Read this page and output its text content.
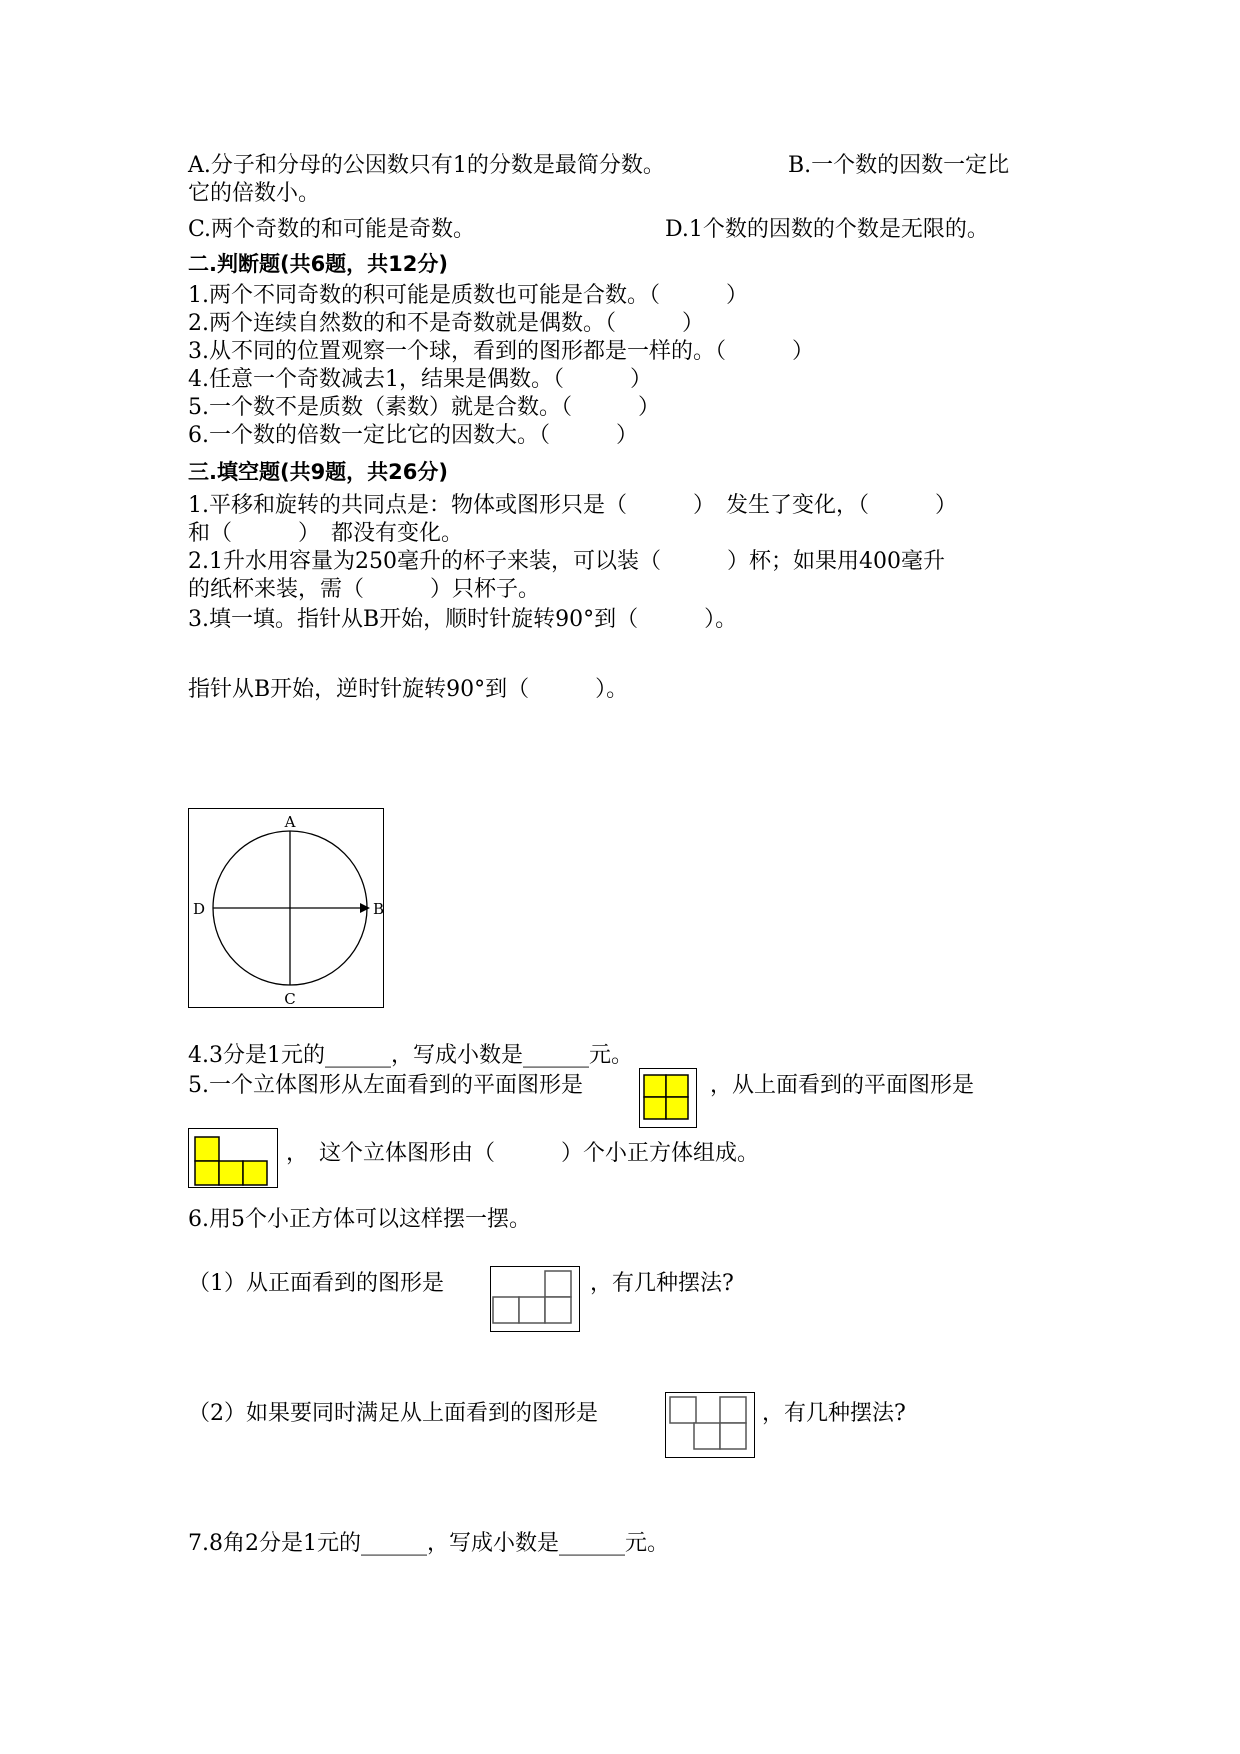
A.分子和分母的公因数只有1的分数是最简分数。	B.一个数的因数一定比
它的倍数小。
C.两个奇数的和可能是奇数。	D.1个数的因数的个数是无限的。
二.判断题(共6题，共12分)
1.两个不同奇数的积可能是质数也可能是合数。（　　　）
2.两个连续自然数的和不是奇数就是偶数。（　　　）
3.从不同的位置观察一个球，看到的图形都是一样的。（　　　）
4.任意一个奇数减去1，结果是偶数。（　　　）
5.一个数不是质数（素数）就是合数。（　　　）
6.一个数的倍数一定比它的因数大。（　　　）
三.填空题(共9题，共26分)
1.平移和旋转的共同点是：物体或图形只是（　　　）　发生了变化，（　　　）
和（　　　）　都没有变化。
2.1升水用容量为250毫升的杯子来装，可以装（　　　）杯；如果用400毫升
的纸杯来装，需（　　　）只杯子。
3.填一填。指针从B开始，顺时针旋转90°到（　　　）。
指针从B开始，逆时针旋转90°到（　　　）。
A
B
C
D
4.3分是1元的______，写成小数是______元。
5.一个立体图形从左面看到的平面图形是	，从上面看到的平面图形是
，　这个立体图形由（　　　）个小正方体组成。
6.用5个小正方体可以这样摆一摆。
（1）从正面看到的图形是	，有几种摆法?
（2）如果要同时满足从上面看到的图形是	，有几种摆法?
7.8角2分是1元的______，写成小数是______元。
